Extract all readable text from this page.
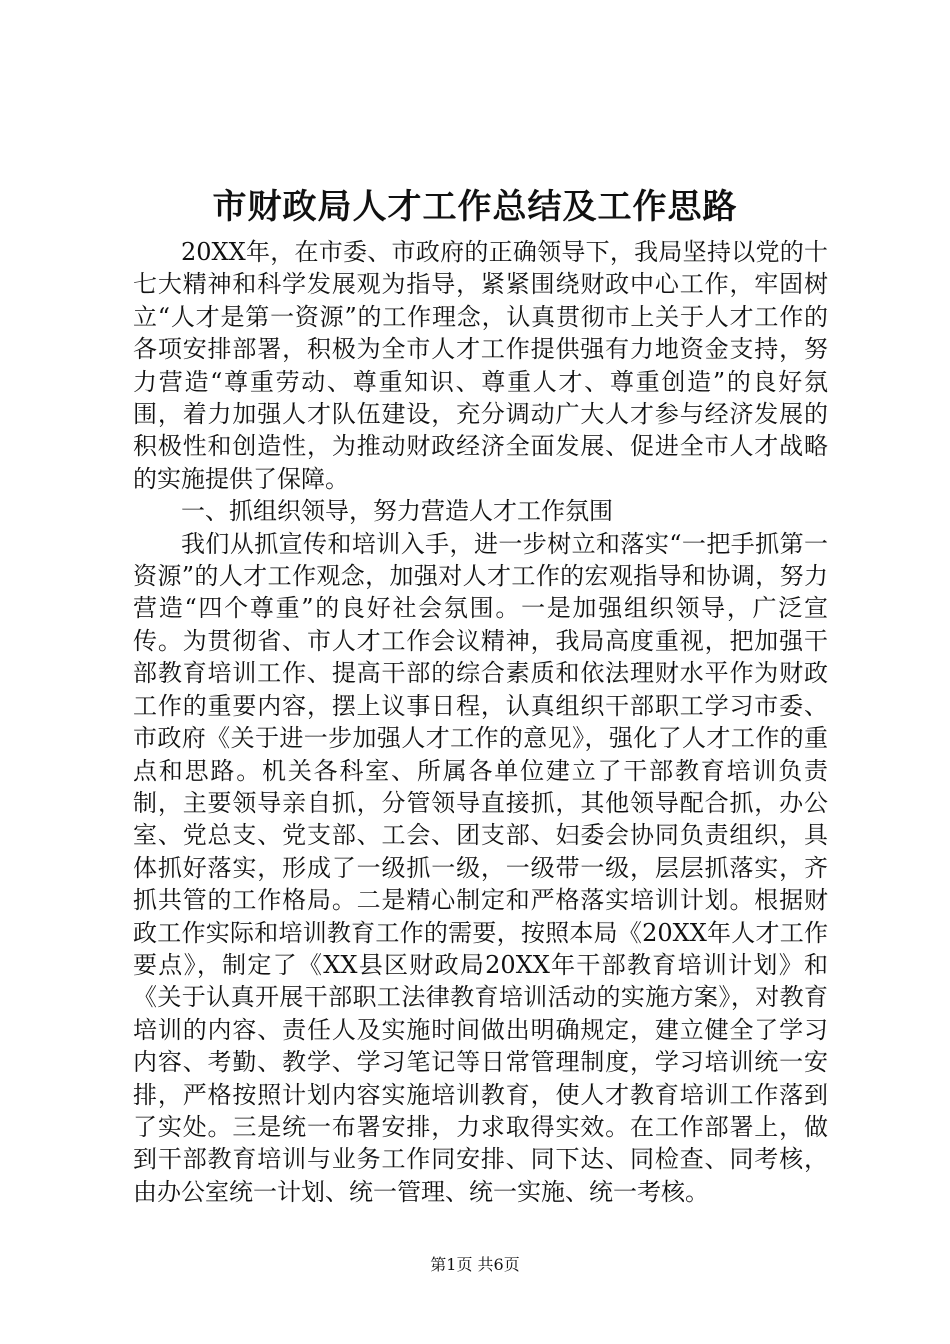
市财政局人才工作总结及工作思路

20XX年，在市委、市政府的正确领导下，我局坚持以党的十七大精神和科学发展观为指导，紧紧围绕财政中心工作，牢固树立“人才是第一资源”的工作理念，认真贯彻市上关于人才工作的各项安排部署，积极为全市人才工作提供强有力地资金支持，努力营造“尊重劳动、尊重知识、尊重人才、尊重创造”的良好氛围，着力加强人才队伍建设，充分调动广大人才参与经济发展的积极性和创造性，为推动财政经济全面发展、促进全市人才战略的实施提供了保障。

一、抓组织领导，努力营造人才工作氛围

我们从抓宣传和培训入手，进一步树立和落实“一把手抓第一资源”的人才工作观念，加强对人才工作的宏观指导和协调，努力营造“四个尊重”的良好社会氛围。一是加强组织领导，广泛宣传。为贯彻省、市人才工作会议精神，我局高度重视，把加强干部教育培训工作、提高干部的综合素质和依法理财水平作为财政工作的重要内容，摆上议事日程，认真组织干部职工学习市委、市政府《关于进一步加强人才工作的意见》，强化了人才工作的重点和思路。机关各科室、所属各单位建立了干部教育培训负责制，主要领导亲自抓，分管领导直接抓，其他领导配合抓，办公室、党总支、党支部、工会、团支部、妇委会协同负责组织，具体抓好落实，形成了一级抓一级，一级带一级，层层抓落实，齐抓共管的工作格局。二是精心制定和严格落实培训计划。根据财政工作实际和培训教育工作的需要，按照本局《20XX年人才工作要点》，制定了《XX县区财政局20XX年干部教育培训计划》和《关于认真开展干部职工法律教育培训活动的实施方案》，对教育培训的内容、责任人及实施时间做出明确规定，建立健全了学习内容、考勤、教学、学习笔记等日常管理制度，学习培训统一安排，严格按照计划内容实施培训教育，使人才教育培训工作落到了实处。三是统一布署安排，力求取得实效。在工作部署上，做到干部教育培训与业务工作同安排、同下达、同检查、同考核，由办公室统一计划、统一管理、统一实施、统一考核。

第1页 共6页
